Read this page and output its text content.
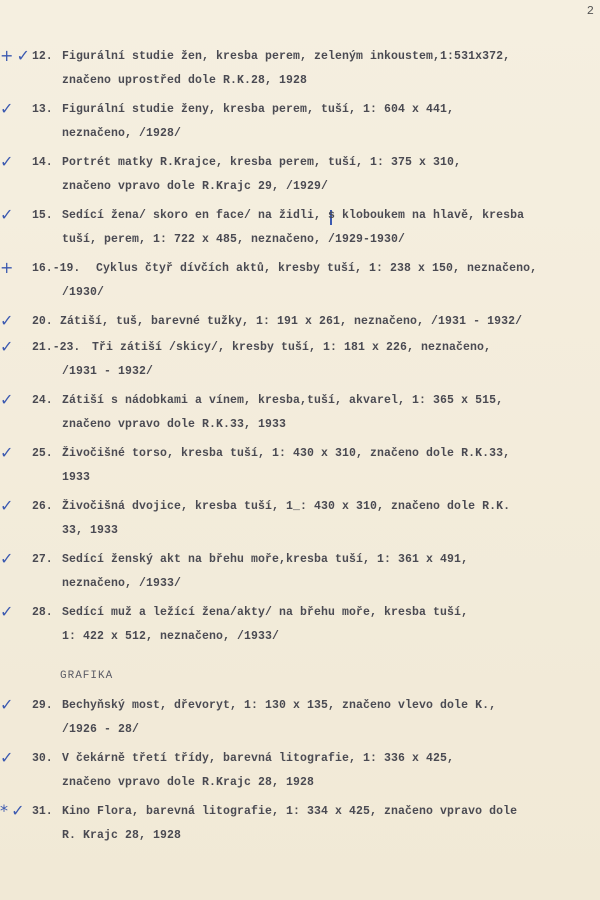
2
+ ✓ 12. Figurální studie žen, kresba perem, zeleným inkoustem,1:531x372,
značeno uprostřed dole R.K.28, 1928
✓ 13. Figurální studie ženy, kresba perem, tuší, 1: 604 x 441,
neznačeno, /1928/
✓ 14. Portrét matky R.Krajce, kresba perem, tuší, 1: 375 x 310,
značeno vpravo dole R.Krajc 29, /1929/
✓ 15. Sedící žena/ skoro en face/ na židli, s kloboukem na hlavě, kresba
tuší, perem, 1: 722 x 485, neznačeno, /1929-1930/
+ 16.-19. Cyklus čtyř dívčích aktů, kresby tuší, 1: 238 x 150, neznačeno,
/1930/
✓ 20. Zátiší, tuš, barevné tužky, 1: 191 x 261, neznačeno, /1931 - 1932/
✓ 21.-23. Tři zátiší /skicy/, kresby tuší, 1: 181 x 226, neznačeno,
/1931 - 1932/
✓ 24. Zátiší s nádobkami a vínem, kresba,tuší, akvarel, 1: 365 x 515,
značeno vpravo dole R.K.33, 1933
✓ 25. Živočišné torso, kresba tuší, 1: 430 x 310, značeno dole R.K.33,
1933
✓ 26. Živočišná dvojice, kresba tuší, 1_: 430 x 310, značeno dole R.K.
33, 1933
✓ 27. Sedící ženský akt na břehu moře,kresba tuší, 1: 361 x 491,
neznačeno, /1933/
✓ 28. Sedící muž a ležící žena/akty/ na břehu moře, kresba tuší,
1: 422 x 512, neznačeno, /1933/
GRAFIKA
✓ 29. Bechyňský most, dřevoryt, 1: 130 x 135, značeno vlevo dole K.,
/1926 - 28/
✓ 30. V čekárně třetí třídy, barevná litografie, 1: 336 x 425,
značeno vpravo dole R.Krajc 28, 1928
* ✓ 31. Kino Flora, barevná litografie, 1: 334 x 425, značeno vpravo dole
R. Krajc 28, 1928
